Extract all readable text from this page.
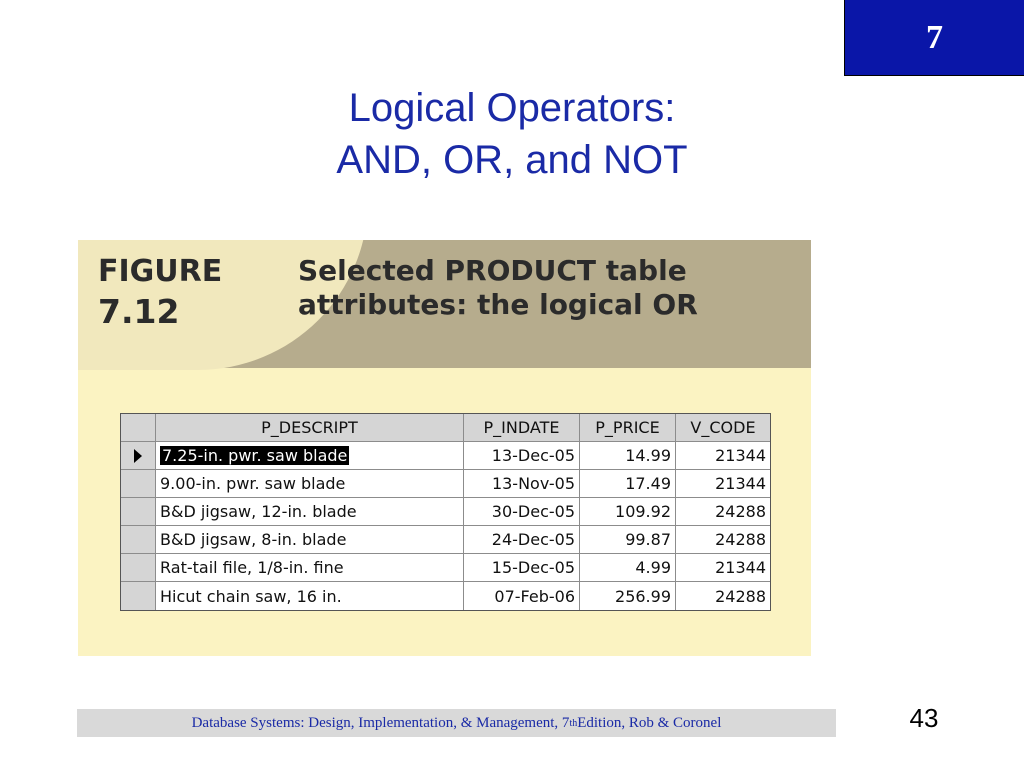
7
Logical Operators:
AND, OR, and NOT
FIGURE
7.12
Selected PRODUCT table
attributes: the logical OR
P_DESCRIPT	P_INDATE	P_PRICE	V_CODE
7.25-in. pwr. saw blade	13-Dec-05	14.99	21344
9.00-in. pwr. saw blade	13-Nov-05	17.49	21344
B&D jigsaw, 12-in. blade	30-Dec-05	109.92	24288
B&D jigsaw, 8-in. blade	24-Dec-05	99.87	24288
Rat-tail file, 1/8-in. fine	15-Dec-05	4.99	21344
Hicut chain saw, 16 in.	07-Feb-06	256.99	24288
Database Systems: Design, Implementation, & Management, 7 th Edition, Rob & Coronel	43
